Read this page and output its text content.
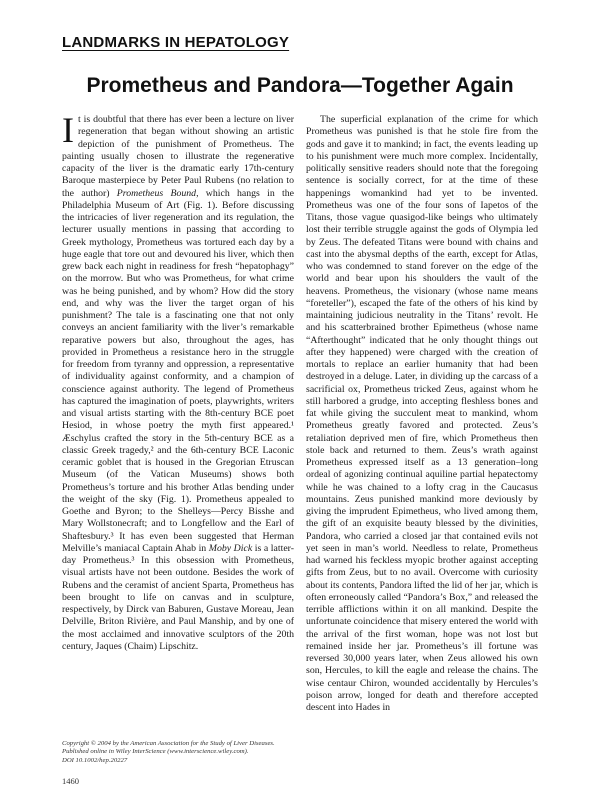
LANDMARKS IN HEPATOLOGY
Prometheus and Pandora—Together Again

It is doubtful that there has ever been a lecture on liver regeneration that began without showing an artistic depiction of the punishment of Prometheus. The painting usually chosen to illustrate the regenerative capacity of the liver is the dramatic early 17th-century Baroque masterpiece by Peter Paul Rubens (no relation to the author) Prometheus Bound, which hangs in the Philadelphia Museum of Art (Fig. 1). Before discussing the intricacies of liver regeneration and its regulation, the lecturer usually mentions in passing that according to Greek mythology, Prometheus was tortured each day by a huge eagle that tore out and devoured his liver, which then grew back each night in readiness for fresh “hepatophagy” on the morrow. But who was Prometheus, for what crime was he being punished, and by whom? How did the story end, and why was the liver the target organ of his punishment? The tale is a fascinating one that not only conveys an ancient familiarity with the liver’s remarkable reparative powers but also, throughout the ages, has provided in Prometheus a resistance hero in the struggle for freedom from tyranny and oppression, a representative of individuality against conformity, and a champion of conscience against authority. The legend of Prometheus has captured the imagination of poets, playwrights, writers and visual artists starting with the 8th-century BCE poet Hesiod, in whose poetry the myth first appeared.¹ Æschylus crafted the story in the 5th-century BCE as a classic Greek tragedy,² and the 6th-century BCE Laconic ceramic goblet that is housed in the Gregorian Etruscan Museum (of the Vatican Museums) shows both Prometheus’s torture and his brother Atlas bending under the weight of the sky (Fig. 1). Prometheus appealed to Goethe and Byron; to the Shelleys—Percy Bisshe and Mary Wollstonecraft; and to Longfellow and the Earl of Shaftesbury.³ It has even been suggested that Herman Melville’s maniacal Captain Ahab in Moby Dick is a latter-day Prometheus.³ In this obsession with Prometheus, visual artists have not been outdone. Besides the work of Rubens and the ceramist of ancient Sparta, Prometheus has been brought to life on canvas and in sculpture, respectively, by Dirck van Baburen, Gustave Moreau, Jean Delville, Briton Rivière, and Paul Manship, and by one of the most acclaimed and innovative sculptors of the 20th century, Jaques (Chaim) Lipschitz.

The superficial explanation of the crime for which Prometheus was punished is that he stole fire from the gods and gave it to mankind; in fact, the events leading up to his punishment were much more complex. Incidentally, politically sensitive readers should note that the foregoing sentence is socially correct, for at the time of these happenings womankind had yet to be invented. Prometheus was one of the four sons of Iapetos of the Titans, those vague quasigod-like beings who ultimately lost their terrible struggle against the gods of Olympia led by Zeus. The defeated Titans were bound with chains and cast into the abysmal depths of the earth, except for Atlas, who was condemned to stand forever on the edge of the world and bear upon his shoulders the vault of the heavens. Prometheus, the visionary (whose name means “foreteller”), escaped the fate of the others of his kind by maintaining judicious neutrality in the Titans’ revolt. He and his scatterbrained brother Epimetheus (whose name “Afterthought” indicated that he only thought things out after they happened) were charged with the creation of mortals to replace an earlier humanity that had been destroyed in a deluge. Later, in dividing up the carcass of a sacrificial ox, Prometheus tricked Zeus, against whom he still harbored a grudge, into accepting fleshless bones and fat while giving the succulent meat to mankind, whom Prometheus greatly favored and protected. Zeus’s retaliation deprived men of fire, which Prometheus then stole back and returned to them. Zeus’s wrath against Prometheus expressed itself as a 13 generation–long ordeal of agonizing continual aquiline partial hepatectomy while he was chained to a lofty crag in the Caucasus mountains. Zeus punished mankind more deviously by giving the imprudent Epimetheus, who lived among them, the gift of an exquisite beauty blessed by the divinities, Pandora, who carried a closed jar that contained evils not yet seen in man’s world. Needless to relate, Prometheus had warned his feckless myopic brother against accepting gifts from Zeus, but to no avail. Overcome with curiosity about its contents, Pandora lifted the lid of her jar, which is often erroneously called “Pandora’s Box,” and released the terrible afflictions within it on all mankind. Despite the unfortunate coincidence that misery entered the world with the arrival of the first woman, hope was not lost but remained inside her jar. Prometheus’s ill fortune was reversed 30,000 years later, when Zeus allowed his own son, Hercules, to kill the eagle and release the chains. The wise centaur Chiron, wounded accidentally by Hercules’s poison arrow, longed for death and therefore accepted descent into Hades in

Copyright © 2004 by the American Association for the Study of Liver Diseases.
Published online in Wiley InterScience (www.interscience.wiley.com).
DOI 10.1002/hep.20227
1460
